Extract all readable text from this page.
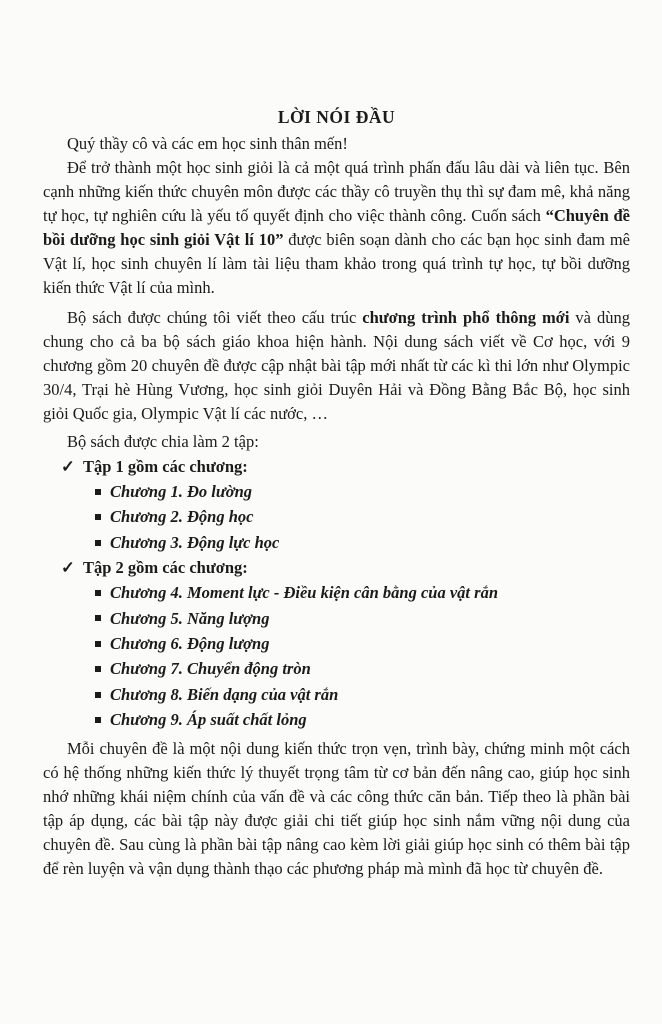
LỜI NÓI ĐẦU

Quý thầy cô và các em học sinh thân mến!

Để trở thành một học sinh giỏi là cả một quá trình phấn đấu lâu dài và liên tục. Bên cạnh những kiến thức chuyên môn được các thầy cô truyền thụ thì sự đam mê, khả năng tự học, tự nghiên cứu là yếu tố quyết định cho việc thành công. Cuốn sách “Chuyên đề bồi dưỡng học sinh giỏi Vật lí 10” được biên soạn dành cho các bạn học sinh đam mê Vật lí, học sinh chuyên lí làm tài liệu tham khảo trong quá trình tự học, tự bồi dưỡng kiến thức Vật lí của mình.

Bộ sách được chúng tôi viết theo cấu trúc chương trình phổ thông mới và dùng chung cho cả ba bộ sách giáo khoa hiện hành. Nội dung sách viết về Cơ học, với 9 chương gồm 20 chuyên đề được cập nhật bài tập mới nhất từ các kì thi lớn như Olympic 30/4, Trại hè Hùng Vương, học sinh giỏi Duyên Hải và Đồng Bằng Bắc Bộ, học sinh giỏi Quốc gia, Olympic Vật lí các nước, …

Bộ sách được chia làm 2 tập:

✓ Tập 1 gồm các chương:
Chương 1. Đo lường
Chương 2. Động học
Chương 3. Động lực học
✓ Tập 2 gồm các chương:
Chương 4. Moment lực - Điều kiện cân bằng của vật rắn
Chương 5. Năng lượng
Chương 6. Động lượng
Chương 7. Chuyển động tròn
Chương 8. Biến dạng của vật rắn
Chương 9. Áp suất chất lỏng

Mỗi chuyên đề là một nội dung kiến thức trọn vẹn, trình bày, chứng minh một cách có hệ thống những kiến thức lý thuyết trọng tâm từ cơ bản đến nâng cao, giúp học sinh nhớ những khái niệm chính của vấn đề và các công thức căn bản. Tiếp theo là phần bài tập áp dụng, các bài tập này được giải chi tiết giúp học sinh nắm vững nội dung của chuyên đề. Sau cùng là phần bài tập nâng cao kèm lời giải giúp học sinh có thêm bài tập để rèn luyện và vận dụng thành thạo các phương pháp mà mình đã học từ chuyên đề.
